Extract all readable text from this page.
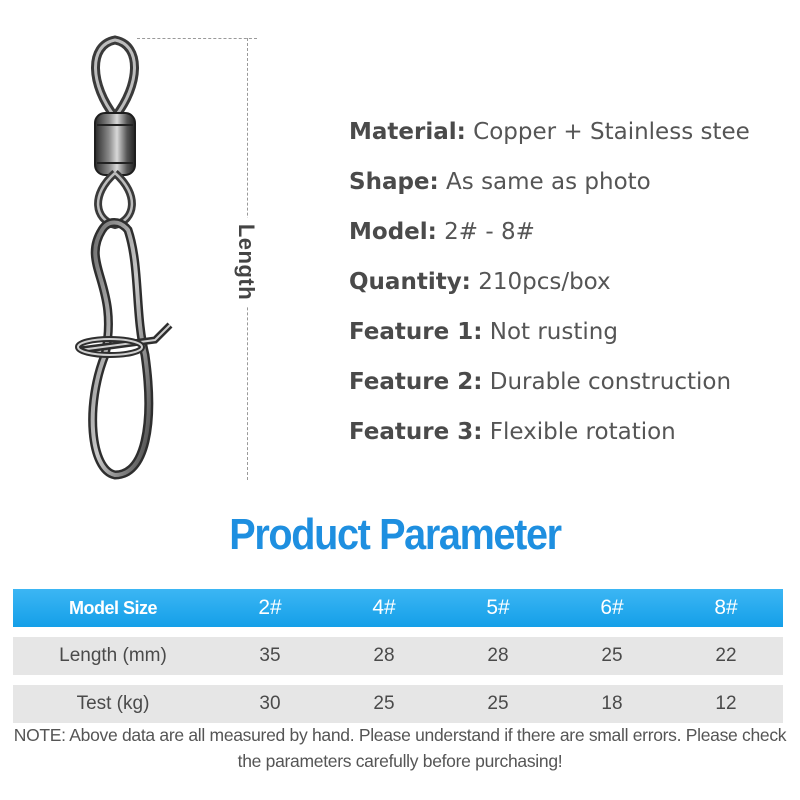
Length
Material: Copper + Stainless stee
Shape: As same as photo
Model: 2# - 8#
Quantity: 210pcs/box
Feature 1: Not rusting
Feature 2: Durable construction
Feature 3: Flexible rotation
Product Parameter
Model Size	2#	4#	5#	6#	8#
Length (mm)	35	28	28	25	22
Test (kg)	30	25	25	18	12
NOTE: Above data are all measured by hand. Please understand if there are small errors. Please check
the parameters carefully before purchasing!
